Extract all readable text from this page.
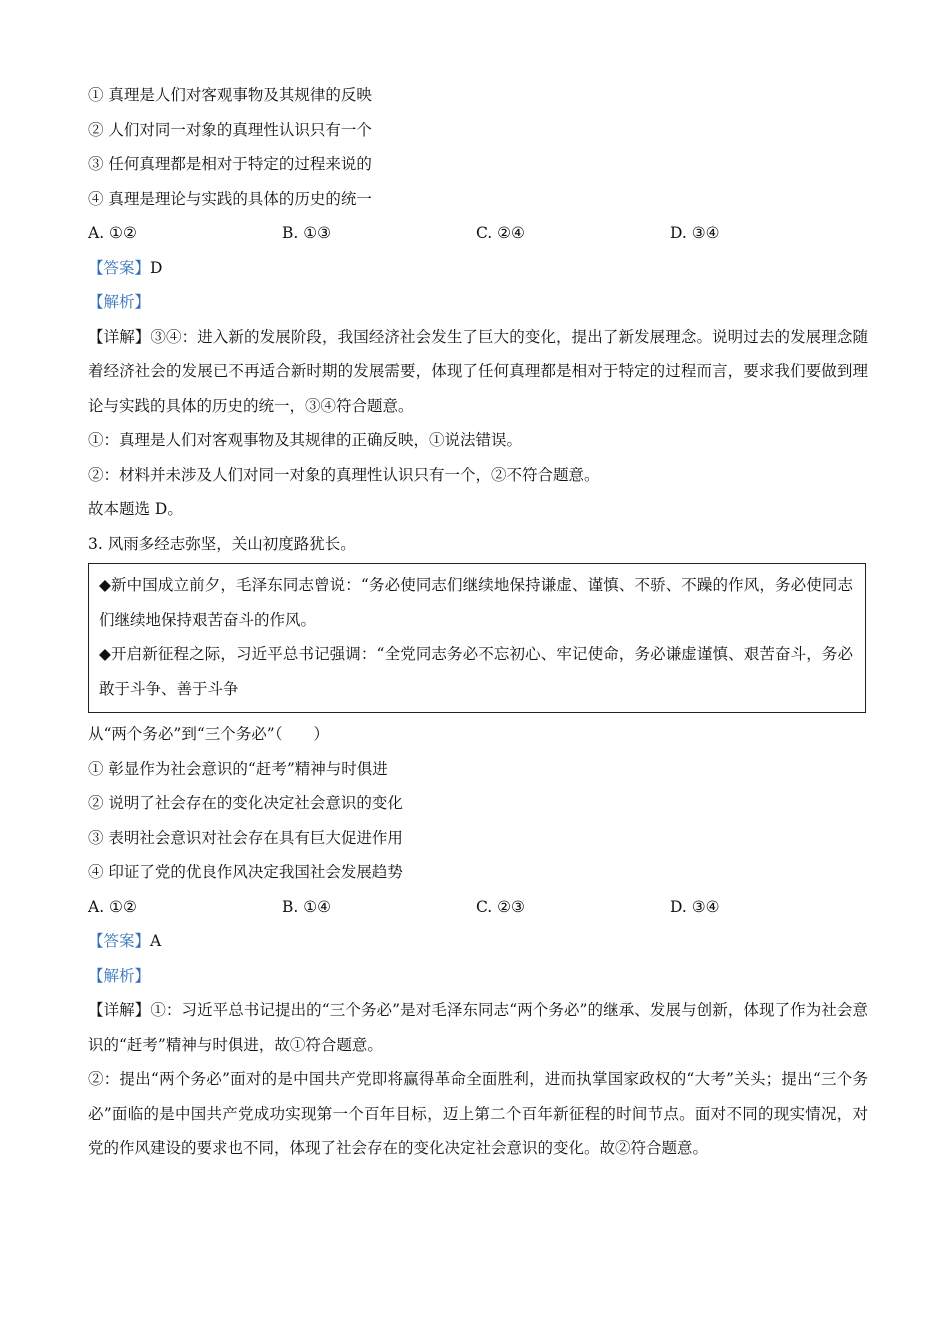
① 真理是人们对客观事物及其规律的反映
② 人们对同一对象的真理性认识只有一个
③ 任何真理都是相对于特定的过程来说的
④ 真理是理论与实践的具体的历史的统一
A. ①②	B. ①③	C. ②④	D. ③④
【答案】D
【解析】

【详解】③④：进入新的发展阶段，我国经济社会发生了巨大的变化，提出了新发展理念。说明过去的发展理念随着经济社会的发展已不再适合新时期的发展需要，体现了任何真理都是相对于特定的过程而言，要求我们要做到理论与实践的具体的历史的统一，③④符合题意。

①：真理是人们对客观事物及其规律的正确反映，①说法错误。

②：材料并未涉及人们对同一对象的真理性认识只有一个，②不符合题意。

故本题选 D。

3. 风雨多经志弥坚，关山初度路犹长。

◆新中国成立前夕，毛泽东同志曾说：“务必使同志们继续地保持谦虚、谨慎、不骄、不躁的作风，务必使同志们继续地保持艰苦奋斗的作风。

◆开启新征程之际，习近平总书记强调：“全党同志务必不忘初心、牢记使命，务必谦虚谨慎、艰苦奋斗，务必敢于斗争、善于斗争

从“两个务必”到“三个务必”（　　）
① 彰显作为社会意识的“赶考”精神与时俱进
② 说明了社会存在的变化决定社会意识的变化
③ 表明社会意识对社会存在具有巨大促进作用
④ 印证了党的优良作风决定我国社会发展趋势
A. ①②	B. ①④	C. ②③	D. ③④
【答案】A
【解析】

【详解】①：习近平总书记提出的“三个务必”是对毛泽东同志“两个务必”的继承、发展与创新，体现了作为社会意识的“赶考”精神与时俱进，故①符合题意。

②：提出“两个务必”面对的是中国共产党即将赢得革命全面胜利，进而执掌国家政权的“大考”关头；提出“三个务必”面临的是中国共产党成功实现第一个百年目标，迈上第二个百年新征程的时间节点。面对不同的现实情况，对党的作风建设的要求也不同，体现了社会存在的变化决定社会意识的变化。故②符合题意。
